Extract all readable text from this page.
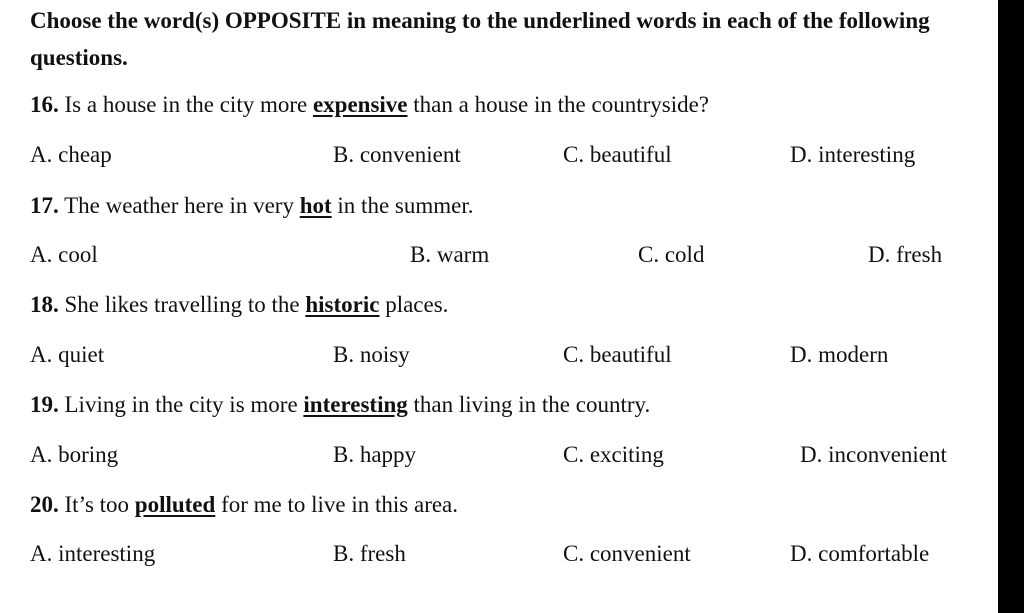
Choose the word(s) OPPOSITE in meaning to the underlined words in each of the following questions.
16. Is a house in the city more expensive than a house in the countryside?
A. cheap	B. convenient	C. beautiful	D. interesting
17. The weather here in very hot in the summer.
A. cool	B. warm	C. cold	D. fresh
18. She likes travelling to the historic places.
A. quiet	B. noisy	C. beautiful	D. modern
19. Living in the city is more interesting than living in the country.
A. boring	B. happy	C. exciting	D. inconvenient
20. It’s too polluted for me to live in this area.
A. interesting	B. fresh	C. convenient	D. comfortable
